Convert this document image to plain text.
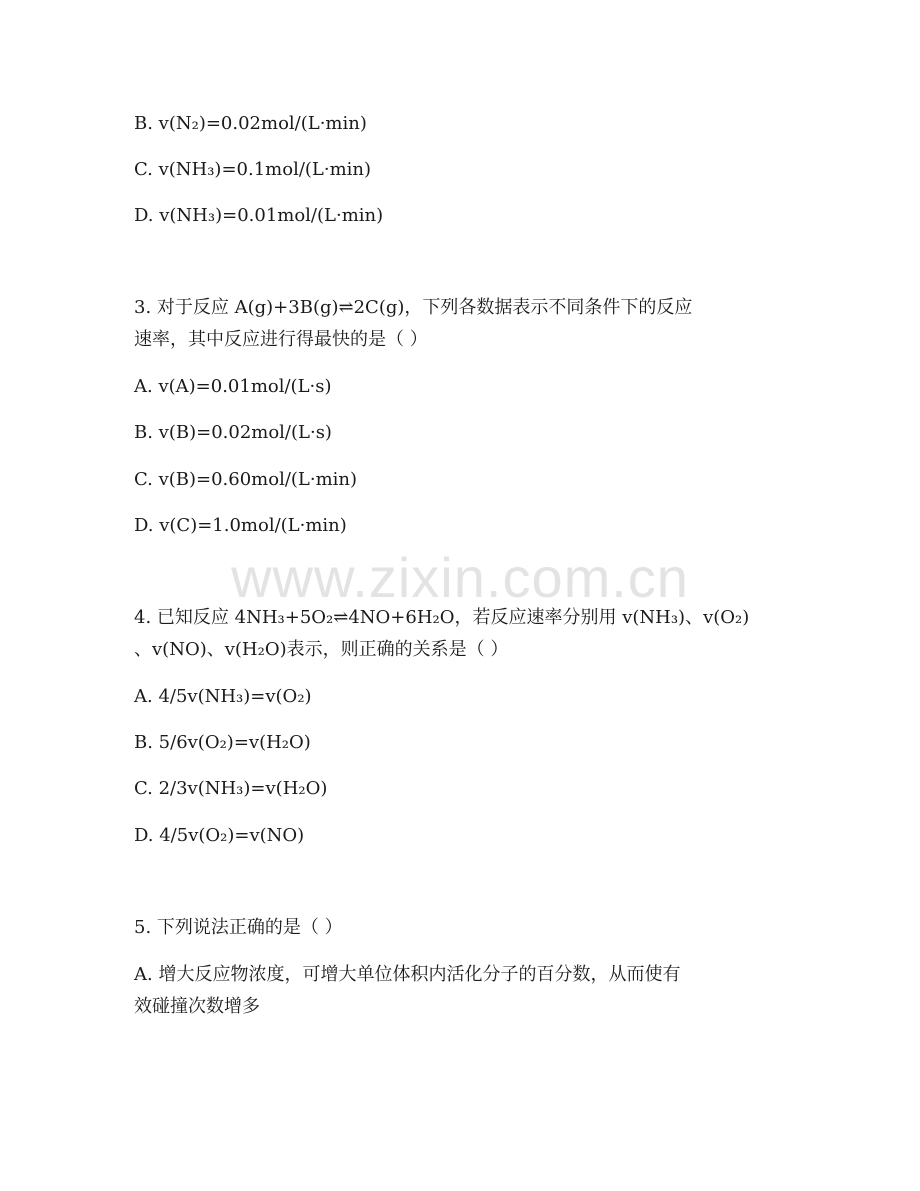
B. v(N₂)=0.02mol/(L·min)
C. v(NH₃)=0.1mol/(L·min)
D. v(NH₃)=0.01mol/(L·min)
3. 对于反应 A(g)+3B(g)⇌2C(g)，下列各数据表示不同条件下的反应
速率，其中反应进行得最快的是（ ）
A. v(A)=0.01mol/(L·s)
B. v(B)=0.02mol/(L·s)
C. v(B)=0.60mol/(L·min)
D. v(C)=1.0mol/(L·min)
www.zixin.com.cn
4. 已知反应 4NH₃+5O₂⇌4NO+6H₂O，若反应速率分别用 v(NH₃)、v(O₂)
、v(NO)、v(H₂O)表示，则正确的关系是（ ）
A. 4/5v(NH₃)=v(O₂)
B. 5/6v(O₂)=v(H₂O)
C. 2/3v(NH₃)=v(H₂O)
D. 4/5v(O₂)=v(NO)
5. 下列说法正确的是（ ）
A. 增大反应物浓度，可增大单位体积内活化分子的百分数，从而使有
效碰撞次数增多
